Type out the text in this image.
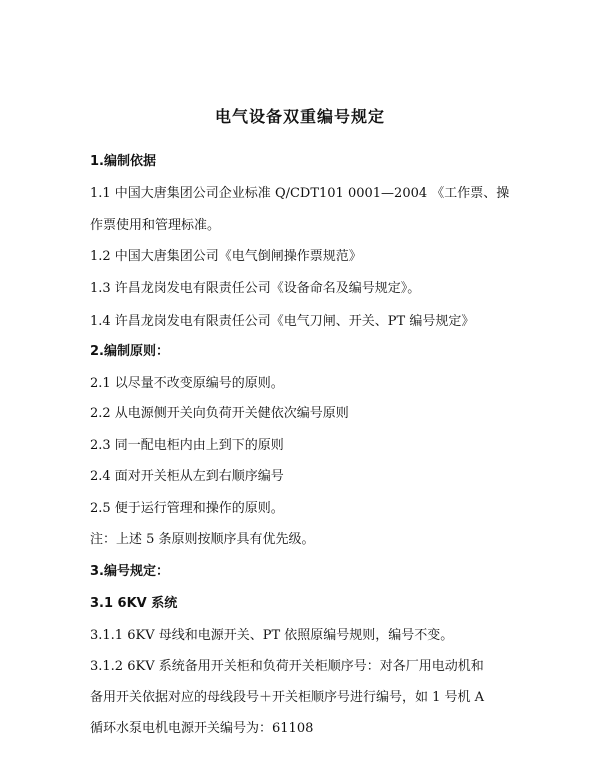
电气设备双重编号规定
1.编制依据
1.1 中国大唐集团公司企业标准 Q/CDT101 0001—2004 《工作票、操
作票使用和管理标准。
1.2 中国大唐集团公司《电气倒闸操作票规范》
1.3 许昌龙岗发电有限责任公司《设备命名及编号规定》。
1.4 许昌龙岗发电有限责任公司《电气刀闸、开关、PT 编号规定》
2.编制原则：
2.1 以尽量不改变原编号的原则。
2.2 从电源侧开关向负荷开关健依次编号原则
2.3 同一配电柜内由上到下的原则
2.4 面对开关柜从左到右顺序编号
2.5 便于运行管理和操作的原则。
注：上述 5 条原则按顺序具有优先级。
3.编号规定：
3.1 6KV 系统
3.1.1 6KV 母线和电源开关、PT 依照原编号规则，编号不变。
3.1.2 6KV 系统备用开关柜和负荷开关柜顺序号：对各厂用电动机和
备用开关依据对应的母线段号＋开关柜顺序号进行编号，如 1 号机 A
循环水泵电机电源开关编号为：61108
